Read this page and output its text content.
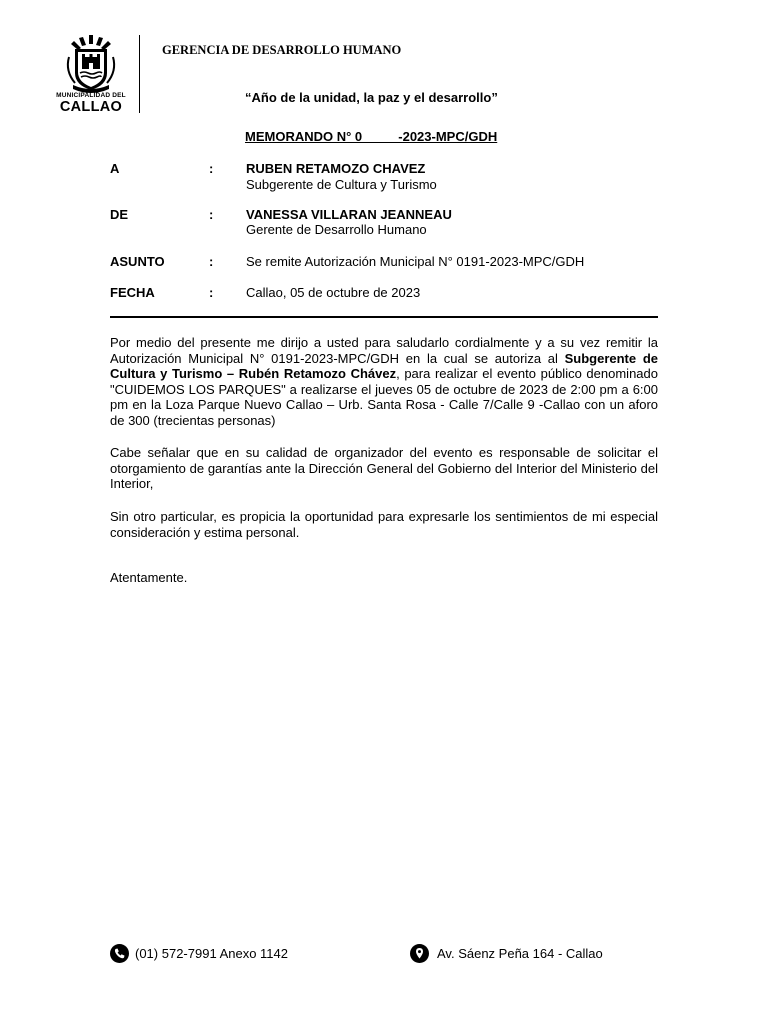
MUNICIPALIDAD DEL
CALLAO
GERENCIA DE DESARROLLO HUMANO
“Año de la unidad, la paz y el desarrollo”
MEMORANDO N° 0          -2023-MPC/GDH
A	:	RUBEN RETAMOZO CHAVEZ
Subgerente de Cultura y Turismo
DE	:	VANESSA VILLARAN JEANNEAU
Gerente de Desarrollo Humano
ASUNTO	:	Se remite Autorización Municipal N° 0191-2023-MPC/GDH
FECHA	:	Callao, 05 de octubre de 2023
Por medio del presente me dirijo a usted para saludarlo cordialmente y a su vez remitir la Autorización Municipal N° 0191-2023-MPC/GDH en la cual se autoriza al Subgerente de Cultura y Turismo – Rubén Retamozo Chávez, para realizar el evento público denominado "CUIDEMOS LOS PARQUES" a realizarse el jueves 05 de octubre de 2023 de 2:00 pm a 6:00 pm en la Loza Parque Nuevo Callao – Urb. Santa Rosa - Calle 7/Calle 9 -Callao con un aforo de 300 (trecientas personas)
Cabe señalar que en su calidad de organizador del evento es responsable de solicitar el otorgamiento de garantías ante la Dirección General del Gobierno del Interior del Ministerio del Interior,
Sin otro particular, es propicia la oportunidad para expresarle los sentimientos de mi especial consideración y estima personal.
Atentamente.
(01) 572-7991 Anexo 1142	Av. Sáenz Peña 164 - Callao
